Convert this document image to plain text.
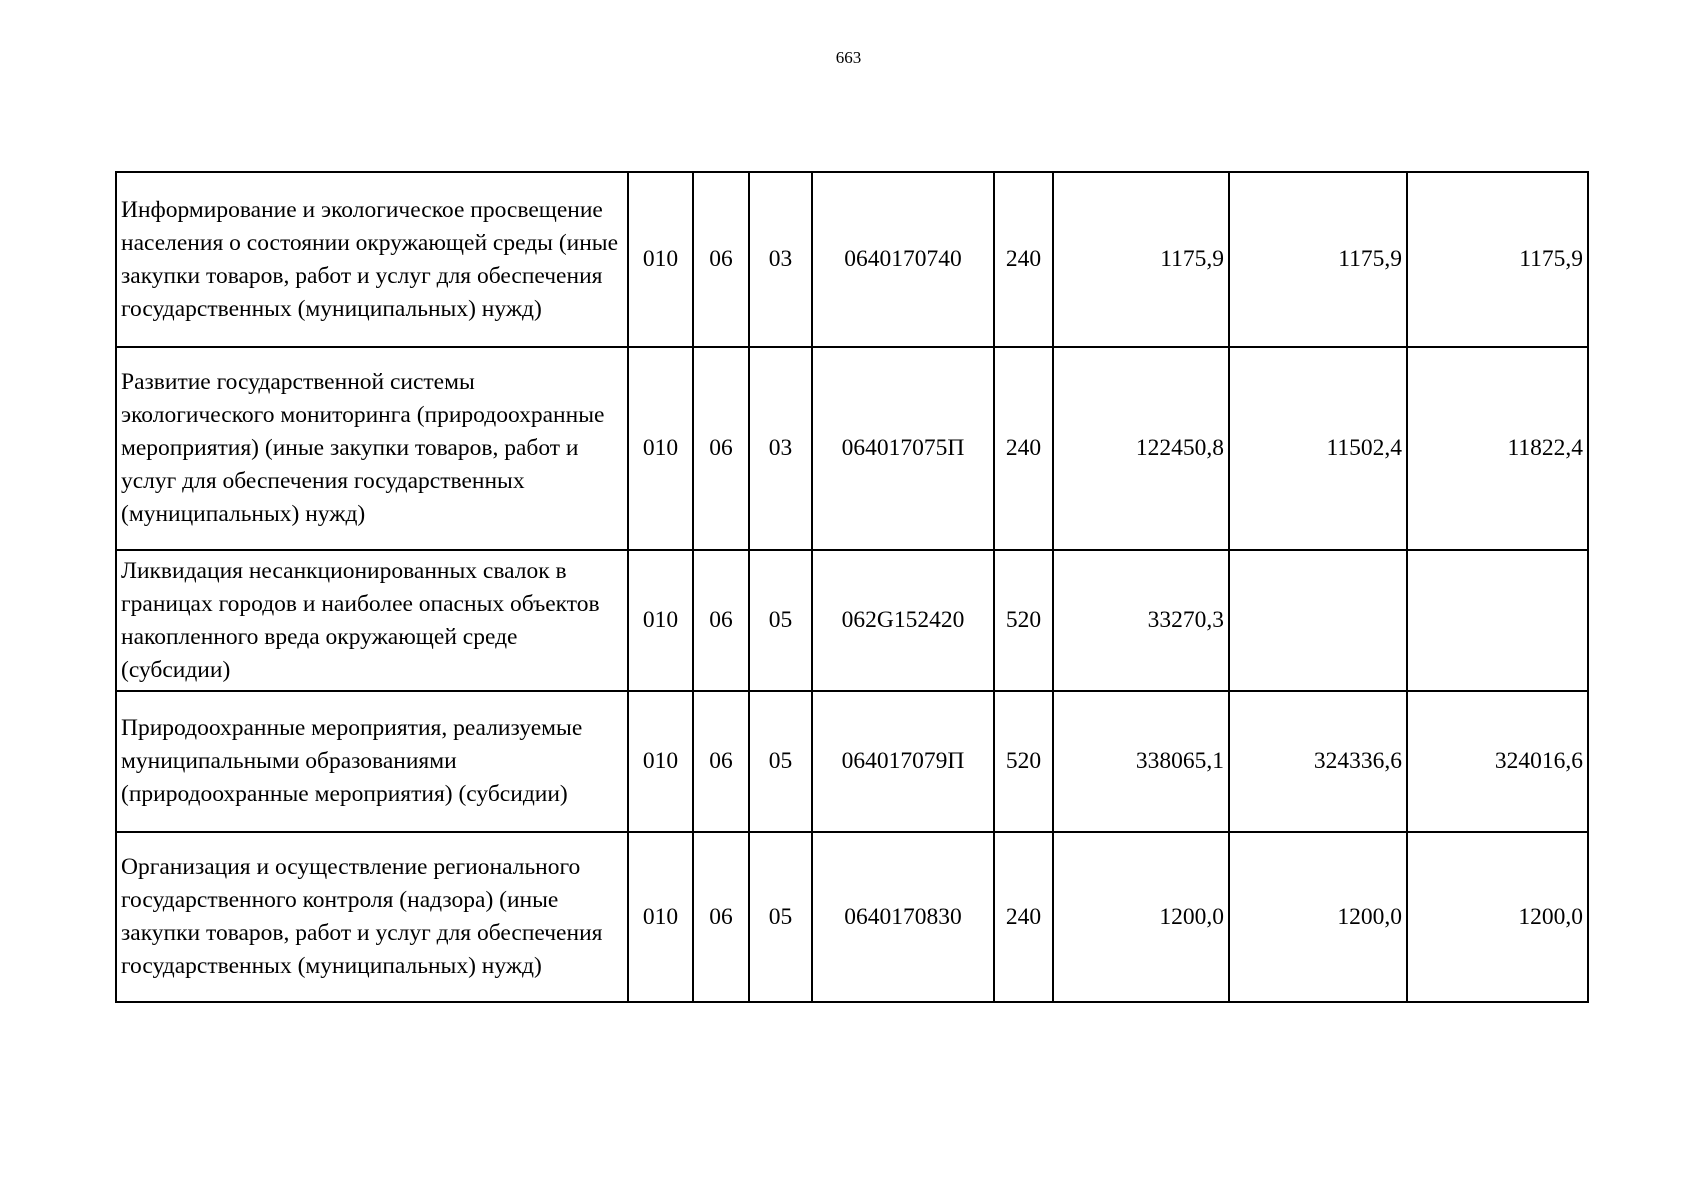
663
Информирование и экологическое просвещение населения о состоянии окружающей среды (иные закупки товаров, работ и услуг для обеспечения государственных (муниципальных) нужд)	010	06	03	0640170740	240	1175,9	1175,9	1175,9
Развитие государственной системы экологического мониторинга (природоохранные мероприятия) (иные закупки товаров, работ и услуг для обеспечения государственных (муниципальных) нужд)	010	06	03	064017075П	240	122450,8	11502,4	11822,4
Ликвидация несанкционированных свалок в границах городов и наиболее опасных объектов накопленного вреда окружающей среде (субсидии)	010	06	05	062G152420	520	33270,3		
Природоохранные мероприятия, реализуемые муниципальными образованиями (природоохранные мероприятия) (субсидии)	010	06	05	064017079П	520	338065,1	324336,6	324016,6
Организация и осуществление регионального государственного контроля (надзора) (иные закупки товаров, работ и услуг для обеспечения государственных (муниципальных) нужд)	010	06	05	0640170830	240	1200,0	1200,0	1200,0
